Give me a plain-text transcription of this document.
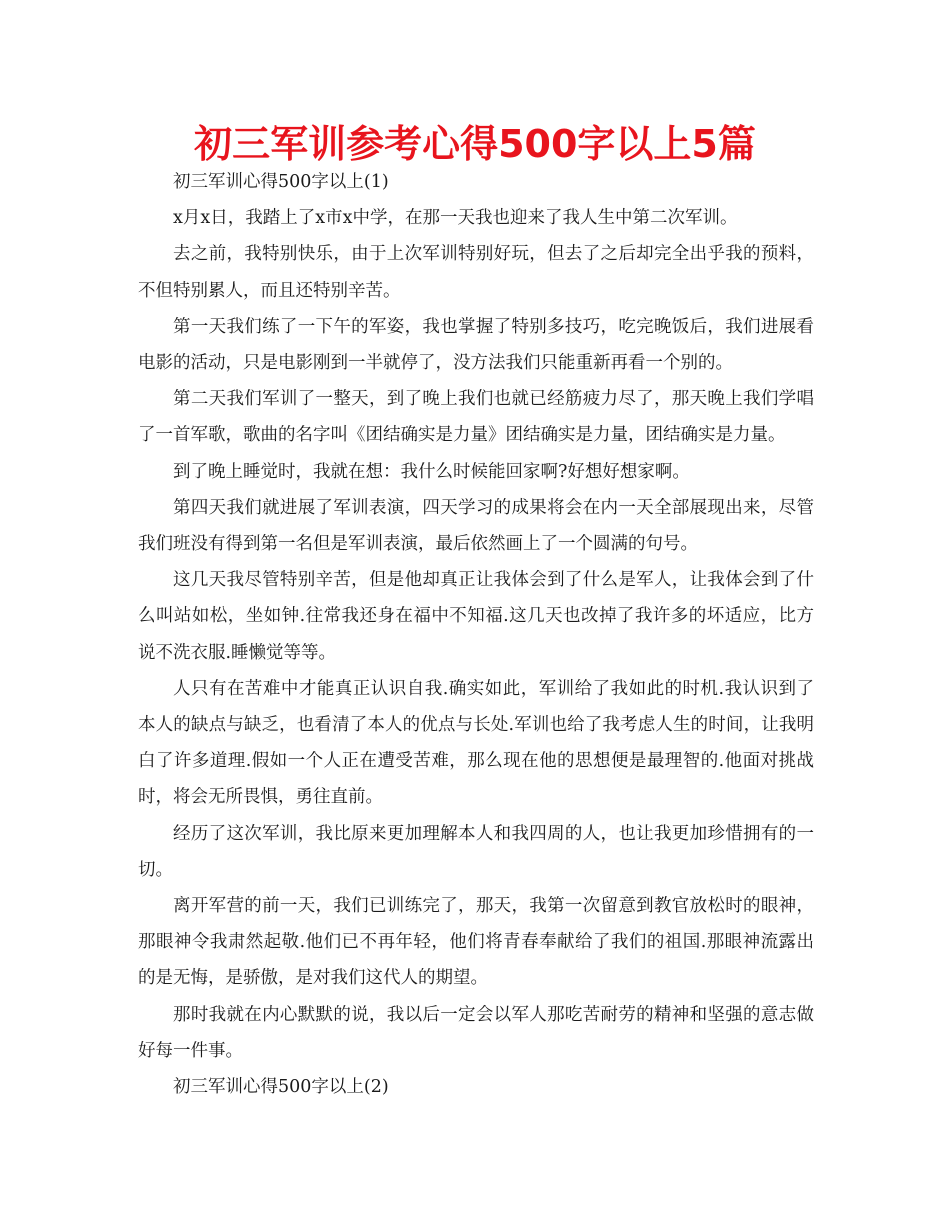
初三军训参考心得500字以上5篇

初三军训心得500字以上(1)

x月x日，我踏上了x市x中学，在那一天我也迎来了我人生中第二次军训。

去之前，我特别快乐，由于上次军训特别好玩，但去了之后却完全出乎我的预料，不但特别累人，而且还特别辛苦。

第一天我们练了一下午的军姿，我也掌握了特别多技巧，吃完晚饭后，我们进展看电影的活动，只是电影刚到一半就停了，没方法我们只能重新再看一个别的。

第二天我们军训了一整天，到了晚上我们也就已经筋疲力尽了，那天晚上我们学唱了一首军歌，歌曲的名字叫《团结确实是力量》团结确实是力量，团结确实是力量。

到了晚上睡觉时，我就在想：我什么时候能回家啊?好想好想家啊。

第四天我们就进展了军训表演，四天学习的成果将会在内一天全部展现出来，尽管我们班没有得到第一名但是军训表演，最后依然画上了一个圆满的句号。

这几天我尽管特别辛苦，但是他却真正让我体会到了什么是军人，让我体会到了什么叫站如松，坐如钟.往常我还身在福中不知福.这几天也改掉了我许多的坏适应，比方说不洗衣服.睡懒觉等等。

人只有在苦难中才能真正认识自我.确实如此，军训给了我如此的时机.我认识到了本人的缺点与缺乏，也看清了本人的优点与长处.军训也给了我考虑人生的时间，让我明白了许多道理.假如一个人正在遭受苦难，那么现在他的思想便是最理智的.他面对挑战时，将会无所畏惧，勇往直前。

经历了这次军训，我比原来更加理解本人和我四周的人，也让我更加珍惜拥有的一切。

离开军营的前一天，我们已训练完了，那天，我第一次留意到教官放松时的眼神，那眼神令我肃然起敬.他们已不再年轻，他们将青春奉献给了我们的祖国.那眼神流露出的是无悔，是骄傲，是对我们这代人的期望。

那时我就在内心默默的说，我以后一定会以军人那吃苦耐劳的精神和坚强的意志做好每一件事。

初三军训心得500字以上(2)
